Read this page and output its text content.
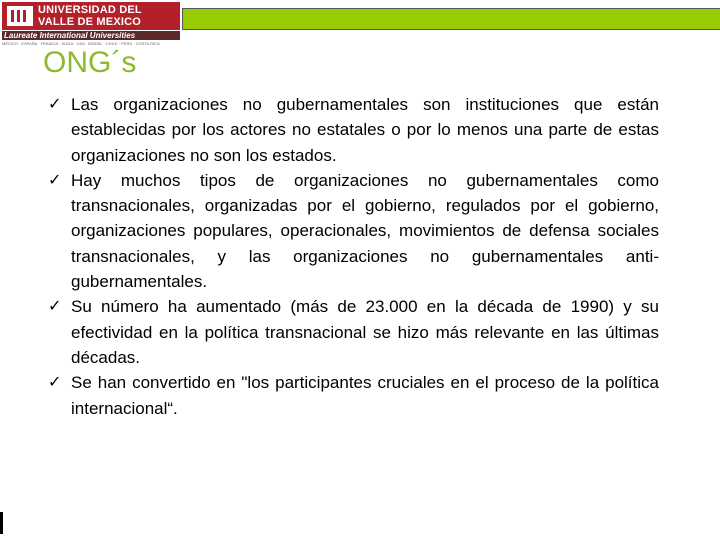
UNIVERSIDAD DEL
VALLE DE MEXICO
Laureate International Universities
MÉXICO · ESPAÑA · FRANCIA · SUIZA · USA · BRASIL · CHILE · PERÚ · COSTA RICA
ONG´s
✓ Las organizaciones no gubernamentales son instituciones que están establecidas por los actores no estatales o por lo menos una parte de estas organizaciones no son los estados.
✓ Hay muchos tipos de organizaciones no gubernamentales como transnacionales, organizadas por el gobierno, regulados por el gobierno, organizaciones populares, operacionales, movimientos de defensa sociales transnacionales, y las organizaciones no gubernamentales anti-gubernamentales.
✓ Su número ha aumentado (más de 23.000 en la década de 1990) y su efectividad en la política transnacional se hizo más relevante en las últimas décadas.
✓ Se han convertido en "los participantes cruciales en el proceso de la política internacional“.
